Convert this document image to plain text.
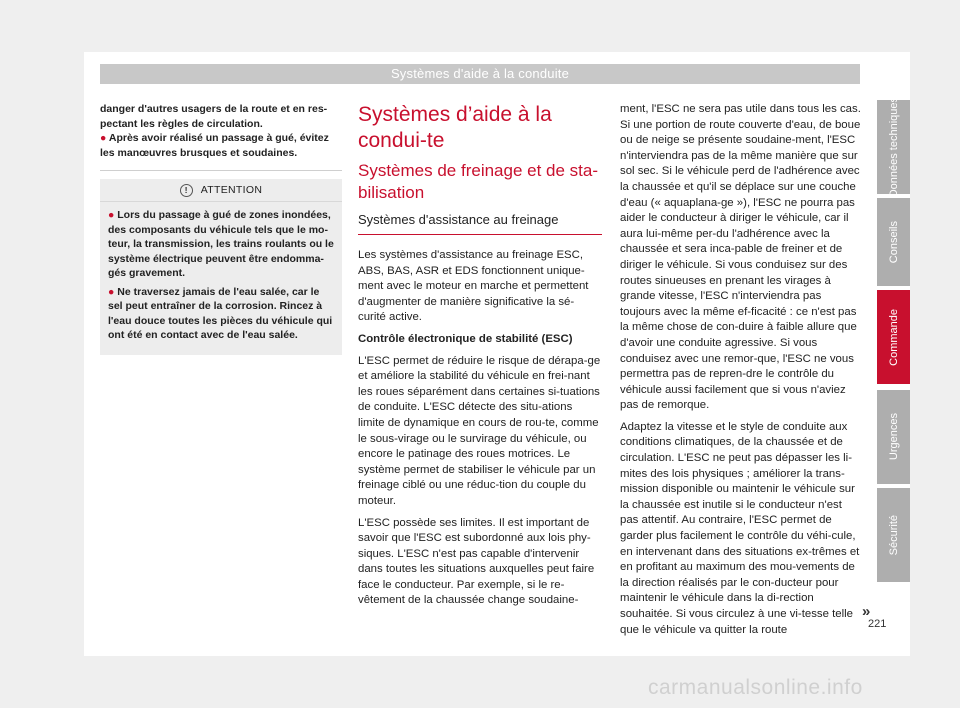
Systèmes d'aide à la conduite

danger d'autres usagers de la route et en res-pectant les règles de circulation.

● Après avoir réalisé un passage à gué, évitez les manœuvres brusques et soudaines.

!	ATTENTION

● Lors du passage à gué de zones inondées, des composants du véhicule tels que le mo-teur, la transmission, les trains roulants ou le système électrique peuvent être endomma-gés gravement.

● Ne traversez jamais de l'eau salée, car le sel peut entraîner de la corrosion. Rincez à l'eau douce toutes les pièces du véhicule qui ont été en contact avec de l'eau salée.

Systèmes d’aide à la condui-te
Systèmes de freinage et de sta-bilisation
Systèmes d'assistance au freinage

Les systèmes d'assistance au freinage ESC, ABS, BAS, ASR et EDS fonctionnent unique-ment avec le moteur en marche et permettent d'augmenter de manière significative la sé-curité active.

Contrôle électronique de stabilité (ESC)

L'ESC permet de réduire le risque de dérapa-ge et améliore la stabilité du véhicule en frei-nant les roues séparément dans certaines si-tuations de conduite. L'ESC détecte des situ-ations limite de dynamique en cours de rou-te, comme le sous-virage ou le survirage du véhicule, ou encore le patinage des roues motrices. Le système permet de stabiliser le véhicule par un freinage ciblé ou une réduc-tion du couple du moteur.

L'ESC possède ses limites. Il est important de savoir que l'ESC est subordonné aux lois phy-siques. L'ESC n'est pas capable d'intervenir dans toutes les situations auxquelles peut faire face le conducteur. Par exemple, si le re-vêtement de la chaussée change soudaine-

ment, l'ESC ne sera pas utile dans tous les cas. Si une portion de route couverte d'eau, de boue ou de neige se présente soudaine-ment, l'ESC n'interviendra pas de la même manière que sur sol sec. Si le véhicule perd de l'adhérence avec la chaussée et qu'il se déplace sur une couche d'eau (« aquaplana-ge »), l'ESC ne pourra pas aider le conducteur à diriger le véhicule, car il aura lui-même per-du l'adhérence avec la chaussée et sera inca-pable de freiner et de diriger le véhicule. Si vous conduisez sur des routes sinueuses en prenant les virages à grande vitesse, l'ESC n'interviendra pas toujours avec la même ef-ficacité : ce n'est pas la même chose de con-duire à faible allure que d'avoir une conduite agressive. Si vous conduisez avec une remor-que, l'ESC ne vous permettra pas de repren-dre le contrôle du véhicule aussi facilement que si vous n'aviez pas de remorque.

Adaptez la vitesse et le style de conduite aux conditions climatiques, de la chaussée et de circulation. L'ESC ne peut pas dépasser les li-mites des lois physiques ; améliorer la trans-mission disponible ou maintenir le véhicule sur la chaussée est inutile si le conducteur n'est pas attentif. Au contraire, l'ESC permet de garder plus facilement le contrôle du véhi-cule, en intervenant dans des situations ex-trêmes et en profitant au maximum des mou-vements de la direction réalisés par le con-ducteur pour maintenir le véhicule dans la di-rection souhaitée. Si vous circulez à une vi-tesse telle que le véhicule va quitter la route

»
Données techniques
Conseils
Commande
Urgences
Sécurité
221
carmanualsonline.info
